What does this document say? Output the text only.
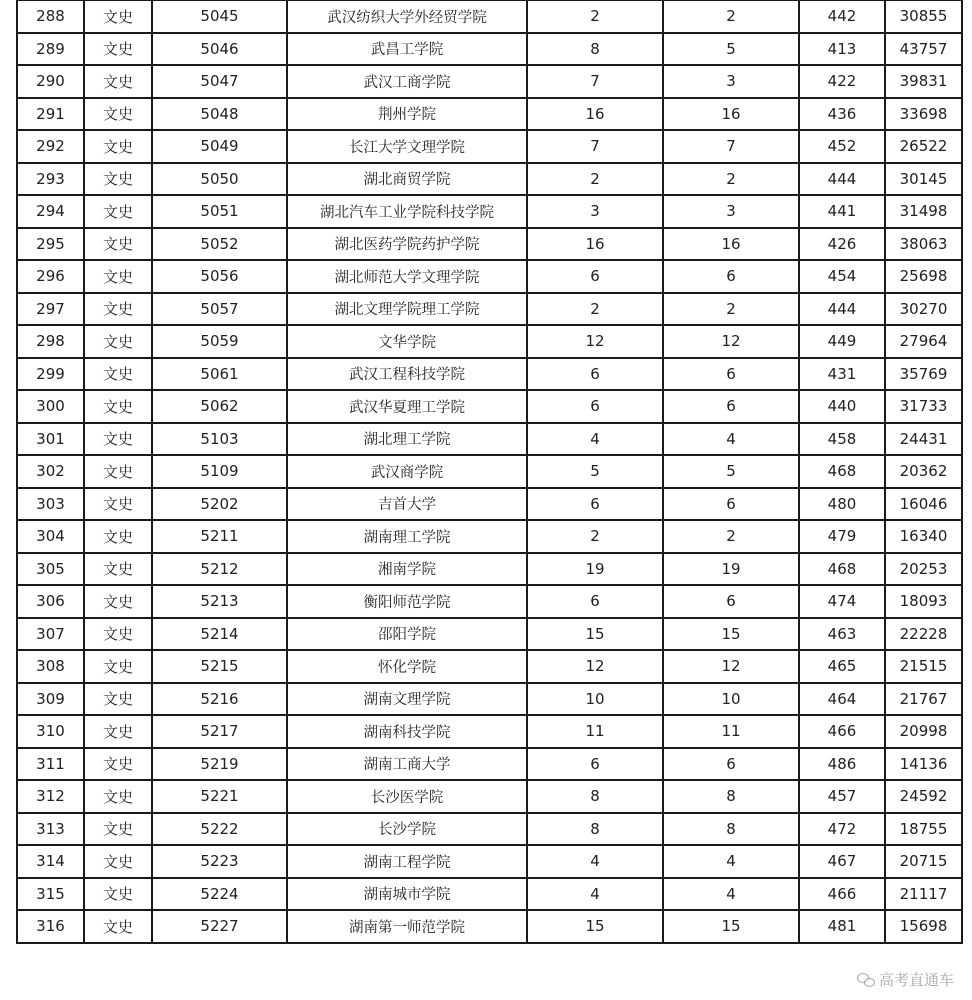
288	文史	5045	武汉纺织大学外经贸学院	2	2	442	30855
289	文史	5046	武昌工学院	8	5	413	43757
290	文史	5047	武汉工商学院	7	3	422	39831
291	文史	5048	荆州学院	16	16	436	33698
292	文史	5049	长江大学文理学院	7	7	452	26522
293	文史	5050	湖北商贸学院	2	2	444	30145
294	文史	5051	湖北汽车工业学院科技学院	3	3	441	31498
295	文史	5052	湖北医药学院药护学院	16	16	426	38063
296	文史	5056	湖北师范大学文理学院	6	6	454	25698
297	文史	5057	湖北文理学院理工学院	2	2	444	30270
298	文史	5059	文华学院	12	12	449	27964
299	文史	5061	武汉工程科技学院	6	6	431	35769
300	文史	5062	武汉华夏理工学院	6	6	440	31733
301	文史	5103	湖北理工学院	4	4	458	24431
302	文史	5109	武汉商学院	5	5	468	20362
303	文史	5202	吉首大学	6	6	480	16046
304	文史	5211	湖南理工学院	2	2	479	16340
305	文史	5212	湘南学院	19	19	468	20253
306	文史	5213	衡阳师范学院	6	6	474	18093
307	文史	5214	邵阳学院	15	15	463	22228
308	文史	5215	怀化学院	12	12	465	21515
309	文史	5216	湖南文理学院	10	10	464	21767
310	文史	5217	湖南科技学院	11	11	466	20998
311	文史	5219	湖南工商大学	6	6	486	14136
312	文史	5221	长沙医学院	8	8	457	24592
313	文史	5222	长沙学院	8	8	472	18755
314	文史	5223	湖南工程学院	4	4	467	20715
315	文史	5224	湖南城市学院	4	4	466	21117
316	文史	5227	湖南第一师范学院	15	15	481	15698
高考直通车
